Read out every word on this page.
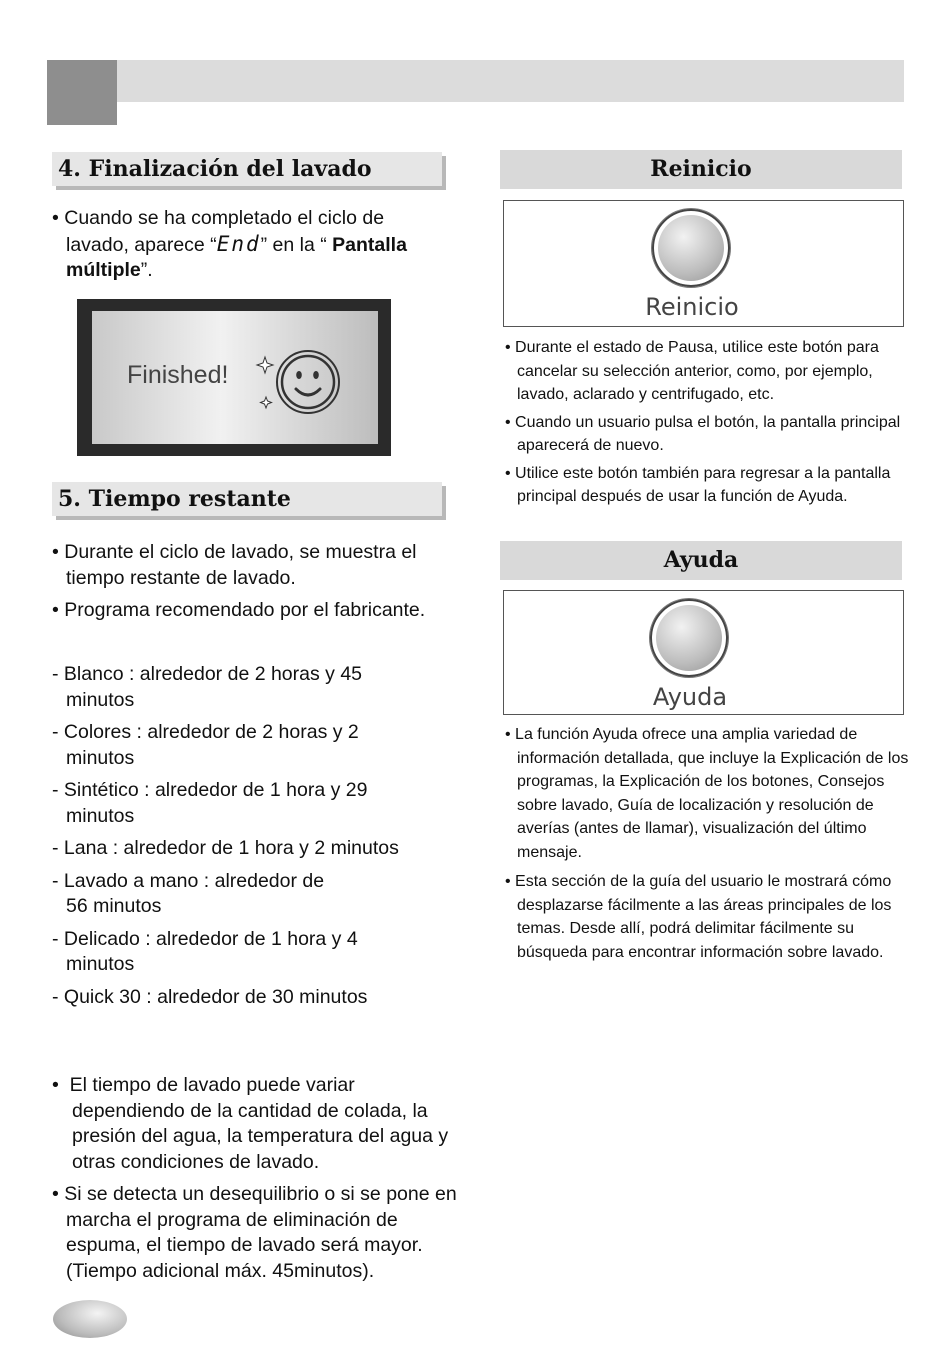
4. Finalización del lavado

• Cuando se ha completado el ciclo de lavado, aparece “End” en la “ Pantalla múltiple”.

Finished!
5. Tiempo restante

• Durante el ciclo de lavado, se muestra el tiempo restante de lavado.

• Programa recomendado por el fabricante.

- Blanco : alrededor de 2 horas y 45 minutos

- Colores : alrededor de 2 horas y 2 minutos

- Sintético : alrededor de 1 hora y 29 minutos

- Lana : alrededor de 1 hora y 2 minutos

- Lavado a mano : alrededor de 56 minutos

- Delicado : alrededor de 1 hora y 4 minutos

- Quick 30 : alrededor de 30 minutos

•  El tiempo de lavado puede variar dependiendo de la cantidad de colada, la presión del agua, la temperatura del agua y otras condiciones de lavado.

• Si se detecta un desequilibrio o si se pone en marcha el programa de eliminación de espuma, el tiempo de lavado será mayor. (Tiempo adicional máx. 45minutos).

Reinicio
Reinicio

• Durante el estado de Pausa, utilice este botón para cancelar su selección anterior, como, por ejemplo, lavado, aclarado y centrifugado, etc.

• Cuando un usuario pulsa el botón, la pantalla principal aparecerá de nuevo.

• Utilice este botón también para regresar a la pantalla principal después de usar la función de Ayuda.

Ayuda
Ayuda

• La función Ayuda ofrece una amplia variedad de información detallada, que incluye la Explicación de los programas, la Explicación de los botones, Consejos sobre lavado, Guía de localización y resolución de averías (antes de llamar), visualización del último mensaje.

• Esta sección de la guía del usuario le mostrará cómo desplazarse fácilmente a las áreas principales de los temas. Desde allí, podrá delimitar fácilmente su búsqueda para encontrar información sobre lavado.
